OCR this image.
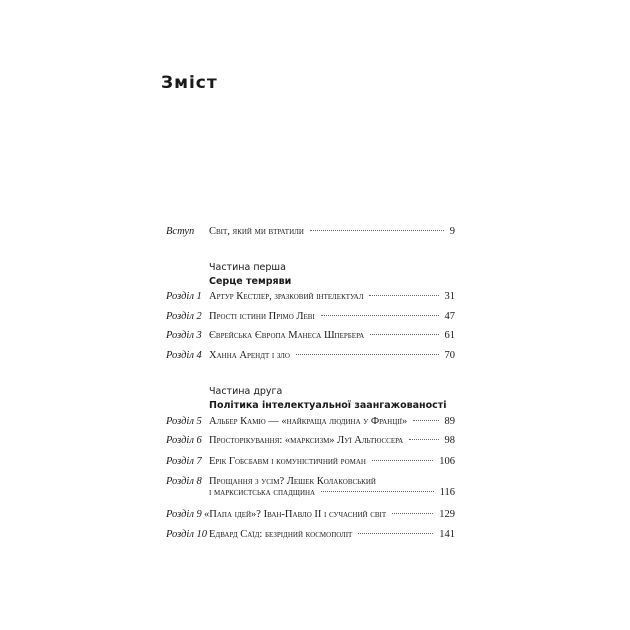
Зміст
Вступ Світ, який ми втратили	9
Частина перша
Серце темряви
Розділ 1 Артур Кестлер, зразковий інтелектуал	31
Розділ 2 Прості істини Прімо Леві	47
Розділ 3 Єврейська Європа Манеса Шпербера	61
Розділ 4 Ханна Арендт і зло	70
Частина друга
Політика інтелектуальної заангажованості
Розділ 5 Альбер Камю — «найкраща людина у Франції»	89
Розділ 6 Просторікування: «марксизм» Луї Альтюссера	98
Розділ 7 Ерік Гобсбавм і комуністичний роман	106
Розділ 8 Прощання з усім? Лешек Колаковський
і марксистська спадщина	116
Розділ 9 «Папа ідей»? Іван-Павло II і сучасний світ	129
Розділ 10 Едвард Саїд: безрідний космополіт	141
